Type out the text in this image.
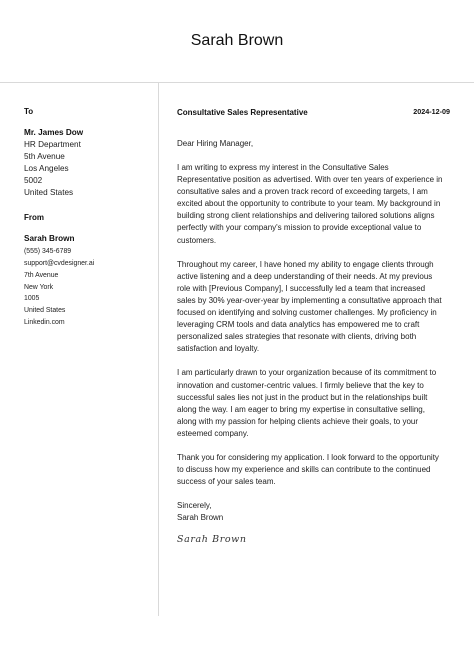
Sarah Brown
To
Mr. James Dow
HR Department
5th Avenue
Los Angeles
5002
United States
From
Sarah Brown
(555) 345-6789
support@cvdesigner.ai
7th Avenue
New York
1005
United States
Linkedin.com
Consultative Sales Representative	2024-12-09
Dear Hiring Manager,
I am writing to express my interest in the Consultative Sales
Representative position as advertised. With over ten years of experience in
consultative sales and a proven track record of exceeding targets, I am
excited about the opportunity to contribute to your team. My background in
building strong client relationships and delivering tailored solutions aligns
perfectly with your company's mission to provide exceptional value to
customers.
Throughout my career, I have honed my ability to engage clients through
active listening and a deep understanding of their needs. At my previous
role with [Previous Company], I successfully led a team that increased
sales by 30% year-over-year by implementing a consultative approach that
focused on identifying and solving customer challenges. My proficiency in
leveraging CRM tools and data analytics has empowered me to craft
personalized sales strategies that resonate with clients, driving both
satisfaction and loyalty.
I am particularly drawn to your organization because of its commitment to
innovation and customer-centric values. I firmly believe that the key to
successful sales lies not just in the product but in the relationships built
along the way. I am eager to bring my expertise in consultative selling,
along with my passion for helping clients achieve their goals, to your
esteemed company.
Thank you for considering my application. I look forward to the opportunity
to discuss how my experience and skills can contribute to the continued
success of your sales team.
Sincerely,
Sarah Brown
Sarah Brown
